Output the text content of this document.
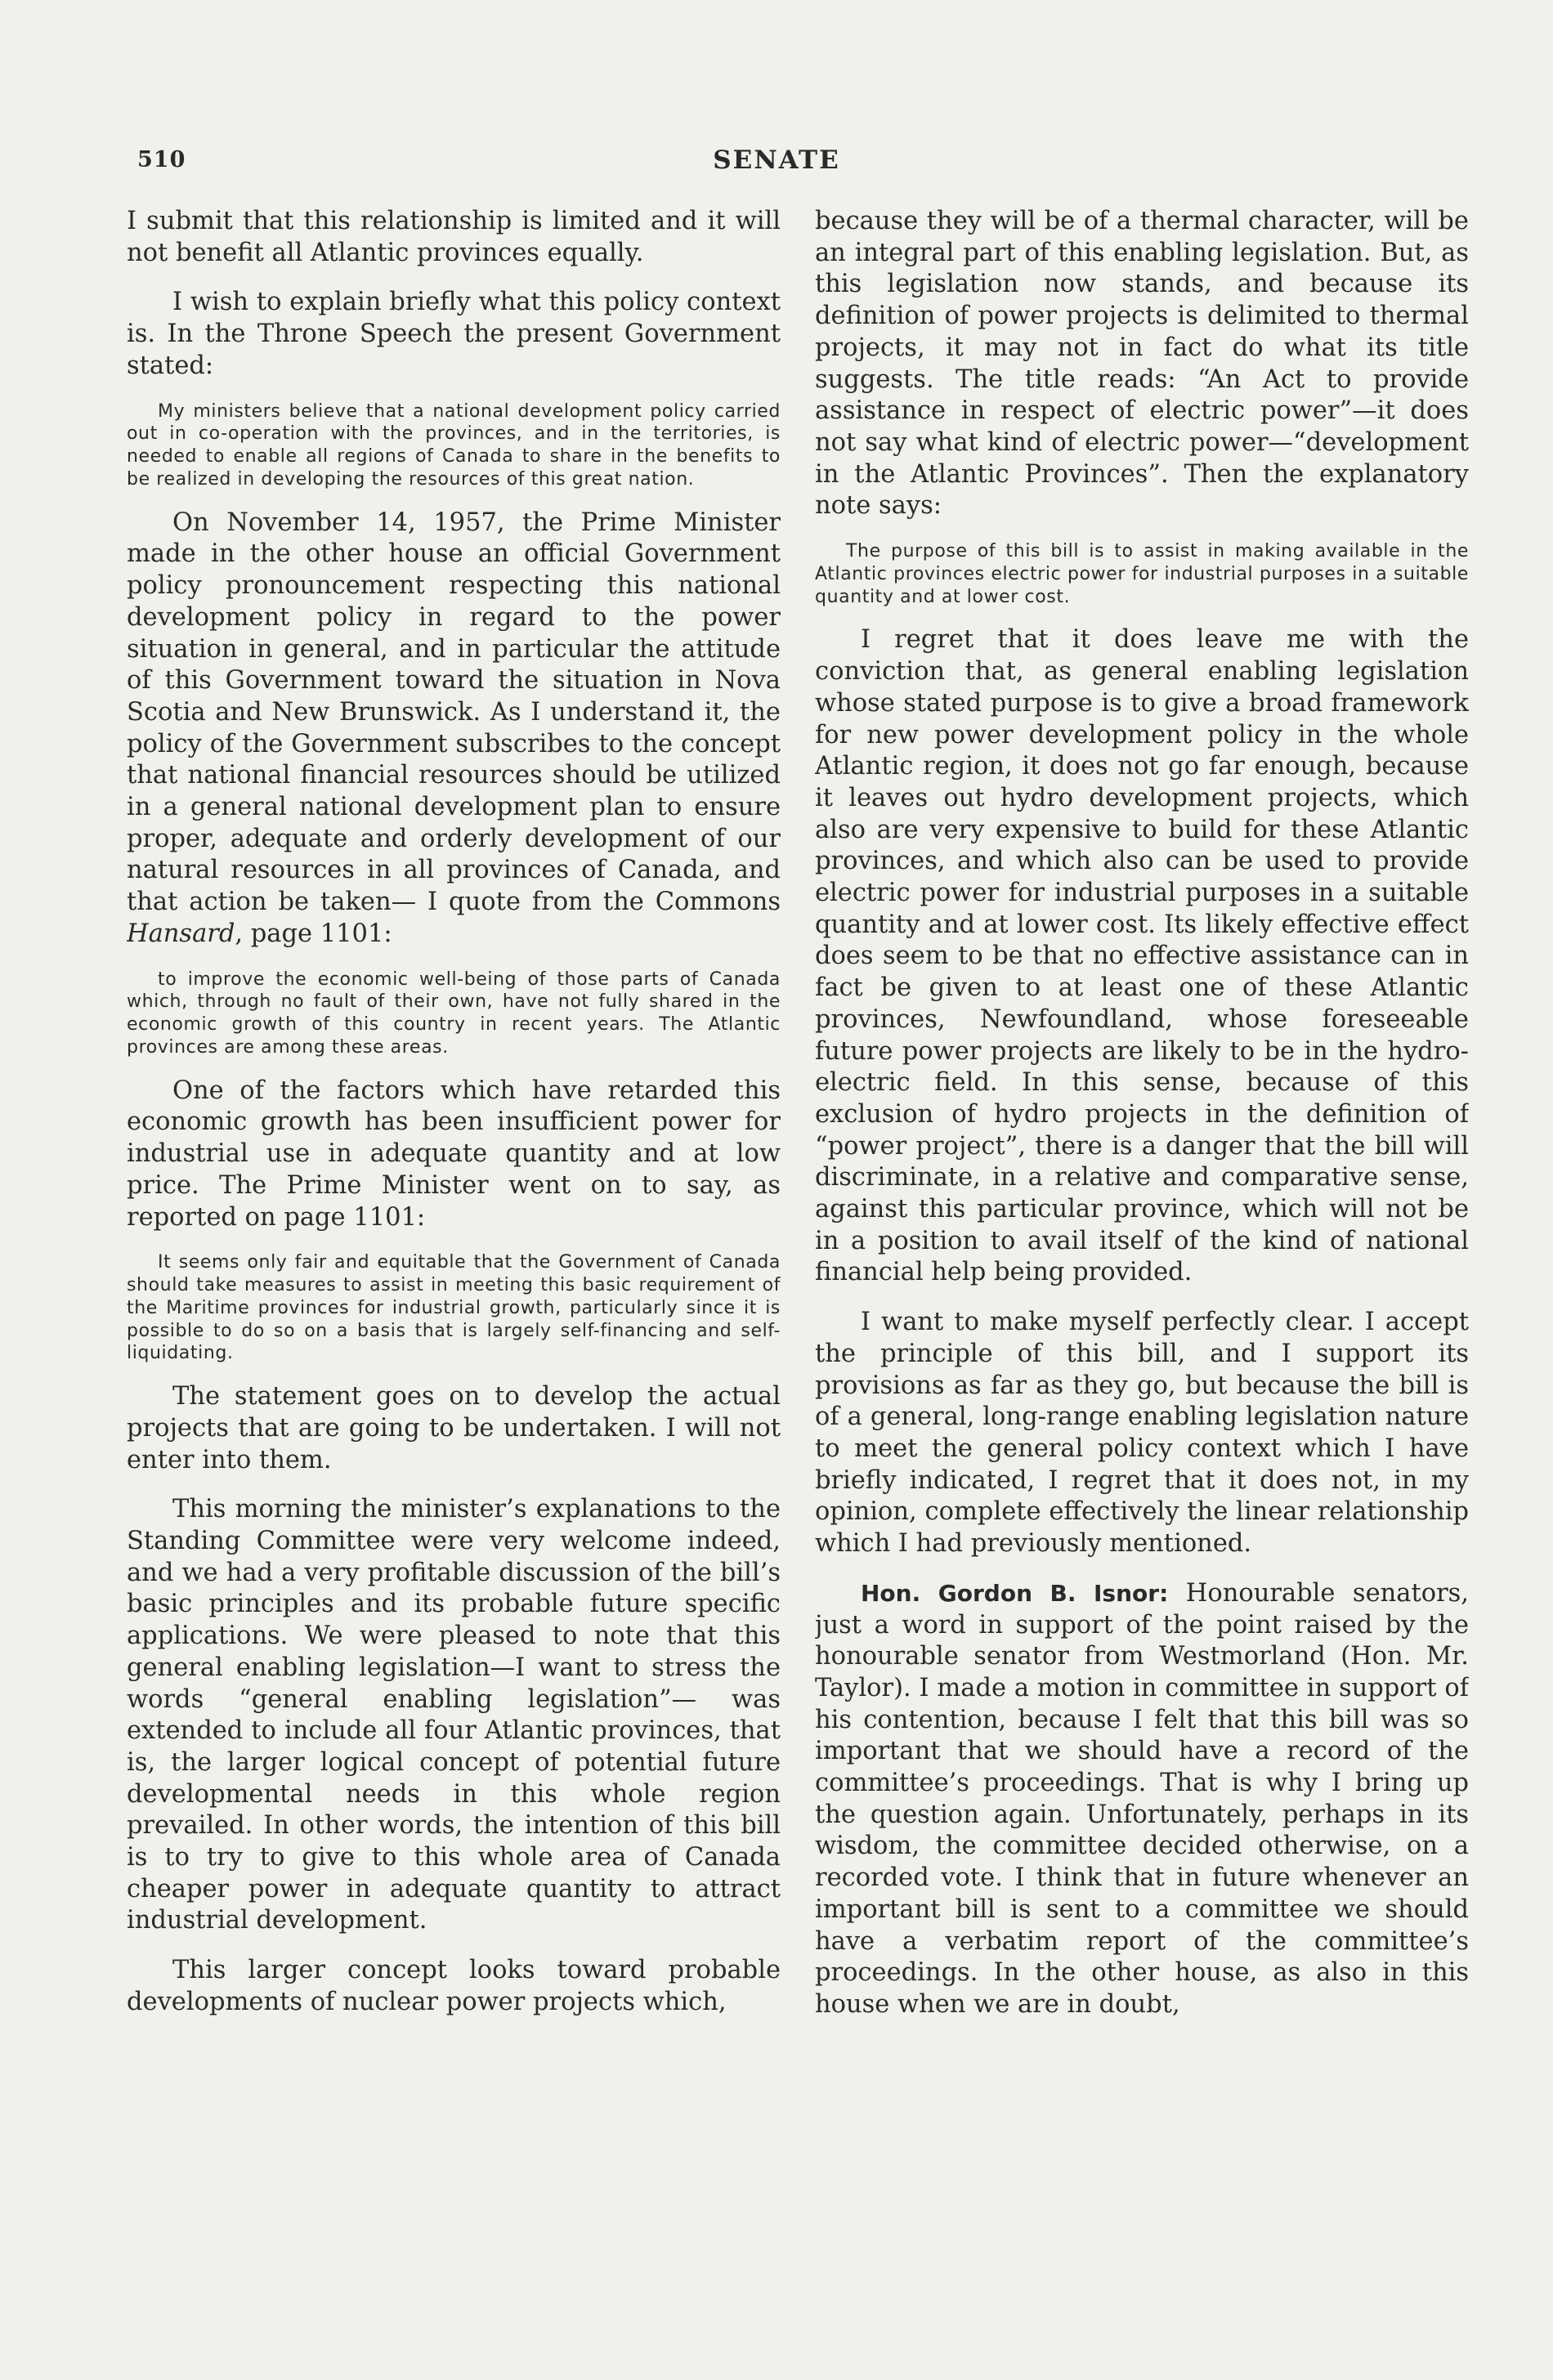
510	SENATE

I submit that this relationship is limited and it will not benefit all Atlantic provinces equally.

I wish to explain briefly what this policy context is. In the Throne Speech the present Government stated:

My ministers believe that a national development policy carried out in co-operation with the provinces, and in the territories, is needed to enable all regions of Canada to share in the benefits to be realized in developing the resources of this great nation.

On November 14, 1957, the Prime Minister made in the other house an official Government policy pronouncement respecting this national development policy in regard to the power situation in general, and in particular the attitude of this Government toward the situation in Nova Scotia and New Brunswick. As I understand it, the policy of the Government subscribes to the concept that national financial resources should be utilized in a general national development plan to ensure proper, adequate and orderly development of our natural resources in all provinces of Canada, and that action be taken— I quote from the Commons Hansard, page 1101:

to improve the economic well-being of those parts of Canada which, through no fault of their own, have not fully shared in the economic growth of this country in recent years. The Atlantic provinces are among these areas.

One of the factors which have retarded this economic growth has been insufficient power for industrial use in adequate quantity and at low price. The Prime Minister went on to say, as reported on page 1101:

It seems only fair and equitable that the Government of Canada should take measures to assist in meeting this basic requirement of the Maritime provinces for industrial growth, particularly since it is possible to do so on a basis that is largely self-financing and self-liquidating.

The statement goes on to develop the actual projects that are going to be undertaken. I will not enter into them.

This morning the minister’s explanations to the Standing Committee were very welcome indeed, and we had a very profitable discussion of the bill’s basic principles and its probable future specific applications. We were pleased to note that this general enabling legislation—I want to stress the words “general enabling legislation”— was extended to include all four Atlantic provinces, that is, the larger logical concept of potential future developmental needs in this whole region prevailed. In other words, the intention of this bill is to try to give to this whole area of Canada cheaper power in adequate quantity to attract industrial development.

This larger concept looks toward probable developments of nuclear power projects which,

because they will be of a thermal character, will be an integral part of this enabling legislation. But, as this legislation now stands, and because its definition of power projects is delimited to thermal projects, it may not in fact do what its title suggests. The title reads: “An Act to provide assistance in respect of electric power”—it does not say what kind of electric power—“development in the Atlantic Provinces”. Then the explanatory note says:

The purpose of this bill is to assist in making available in the Atlantic provinces electric power for industrial purposes in a suitable quantity and at lower cost.

I regret that it does leave me with the conviction that, as general enabling legislation whose stated purpose is to give a broad framework for new power development policy in the whole Atlantic region, it does not go far enough, because it leaves out hydro development projects, which also are very expensive to build for these Atlantic provinces, and which also can be used to provide electric power for industrial purposes in a suitable quantity and at lower cost. Its likely effective effect does seem to be that no effective assistance can in fact be given to at least one of these Atlantic provinces, Newfoundland, whose foreseeable future power projects are likely to be in the hydro-electric field. In this sense, because of this exclusion of hydro projects in the definition of “power project”, there is a danger that the bill will discriminate, in a relative and comparative sense, against this particular province, which will not be in a position to avail itself of the kind of national financial help being provided.

I want to make myself perfectly clear. I accept the principle of this bill, and I support its provisions as far as they go, but because the bill is of a general, long-range enabling legislation nature to meet the general policy context which I have briefly indicated, I regret that it does not, in my opinion, complete effectively the linear relationship which I had previously mentioned.

Hon. Gordon B. Isnor: Honourable senators, just a word in support of the point raised by the honourable senator from Westmorland (Hon. Mr. Taylor). I made a motion in committee in support of his contention, because I felt that this bill was so important that we should have a record of the committee’s proceedings. That is why I bring up the question again. Unfortunately, perhaps in its wisdom, the committee decided otherwise, on a recorded vote. I think that in future whenever an important bill is sent to a committee we should have a verbatim report of the committee’s proceedings. In the other house, as also in this house when we are in doubt,
